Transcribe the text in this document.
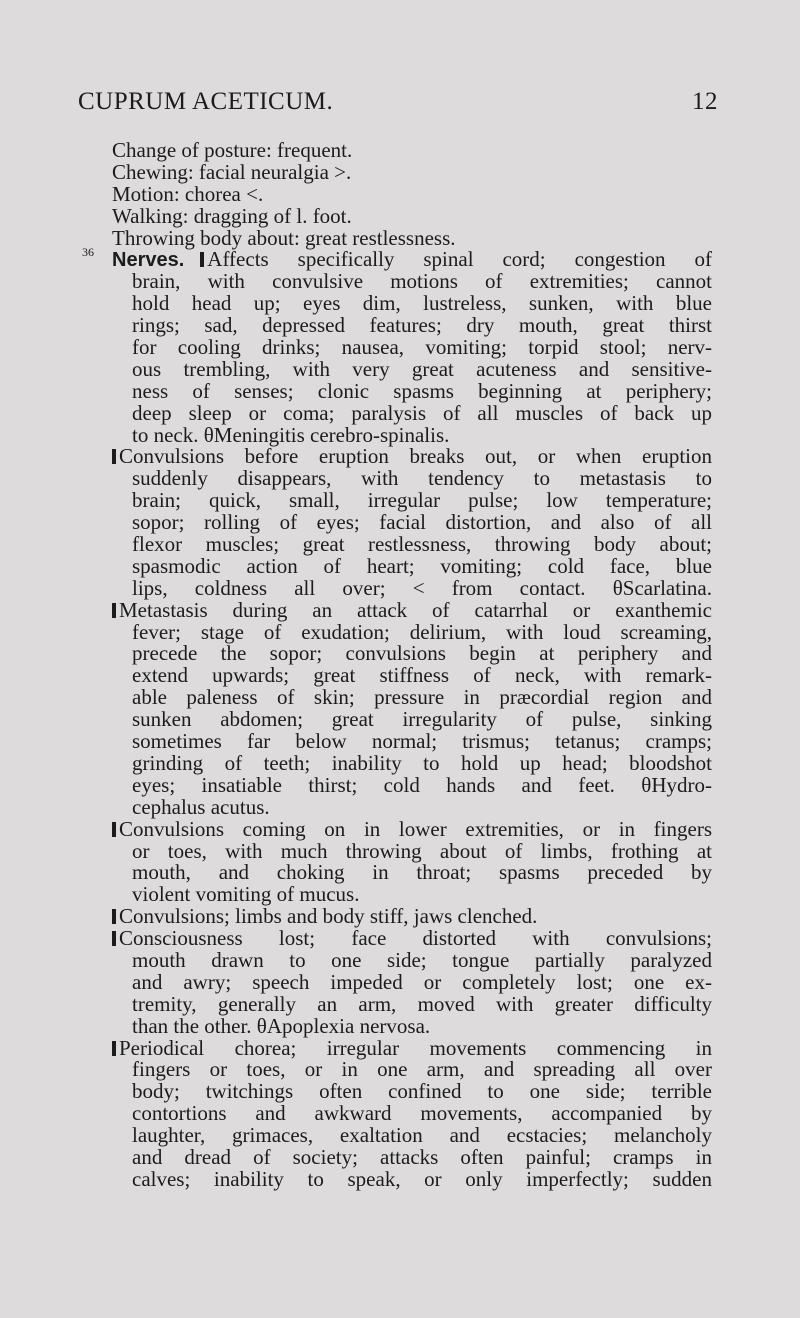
CUPRUM ACETICUM.	12
Change of posture: frequent.
Chewing: facial neuralgia >.
Motion: chorea <.
Walking: dragging of l. foot.
Throwing body about: great restlessness.
36 Nerves. Affects specifically spinal cord; congestion of
brain, with convulsive motions of extremities; cannot
hold head up; eyes dim, lustreless, sunken, with blue
rings; sad, depressed features; dry mouth, great thirst
for cooling drinks; nausea, vomiting; torpid stool; nerv-
ous trembling, with very great acuteness and sensitive-
ness of senses; clonic spasms beginning at periphery;
deep sleep or coma; paralysis of all muscles of back up
to neck. θMeningitis cerebro-spinalis.
Convulsions before eruption breaks out, or when eruption
suddenly disappears, with tendency to metastasis to
brain; quick, small, irregular pulse; low temperature;
sopor; rolling of eyes; facial distortion, and also of all
flexor muscles; great restlessness, throwing body about;
spasmodic action of heart; vomiting; cold face, blue
lips, coldness all over; < from contact. θScarlatina.
Metastasis during an attack of catarrhal or exanthemic
fever; stage of exudation; delirium, with loud screaming,
precede the sopor; convulsions begin at periphery and
extend upwards; great stiffness of neck, with remark-
able paleness of skin; pressure in præcordial region and
sunken abdomen; great irregularity of pulse, sinking
sometimes far below normal; trismus; tetanus; cramps;
grinding of teeth; inability to hold up head; bloodshot
eyes; insatiable thirst; cold hands and feet. θHydro-
cephalus acutus.
Convulsions coming on in lower extremities, or in fingers
or toes, with much throwing about of limbs, frothing at
mouth, and choking in throat; spasms preceded by
violent vomiting of mucus.
Convulsions; limbs and body stiff, jaws clenched.
Consciousness lost; face distorted with convulsions;
mouth drawn to one side; tongue partially paralyzed
and awry; speech impeded or completely lost; one ex-
tremity, generally an arm, moved with greater difficulty
than the other. θApoplexia nervosa.
Periodical chorea; irregular movements commencing in
fingers or toes, or in one arm, and spreading all over
body; twitchings often confined to one side; terrible
contortions and awkward movements, accompanied by
laughter, grimaces, exaltation and ecstacies; melancholy
and dread of society; attacks often painful; cramps in
calves; inability to speak, or only imperfectly; sudden
